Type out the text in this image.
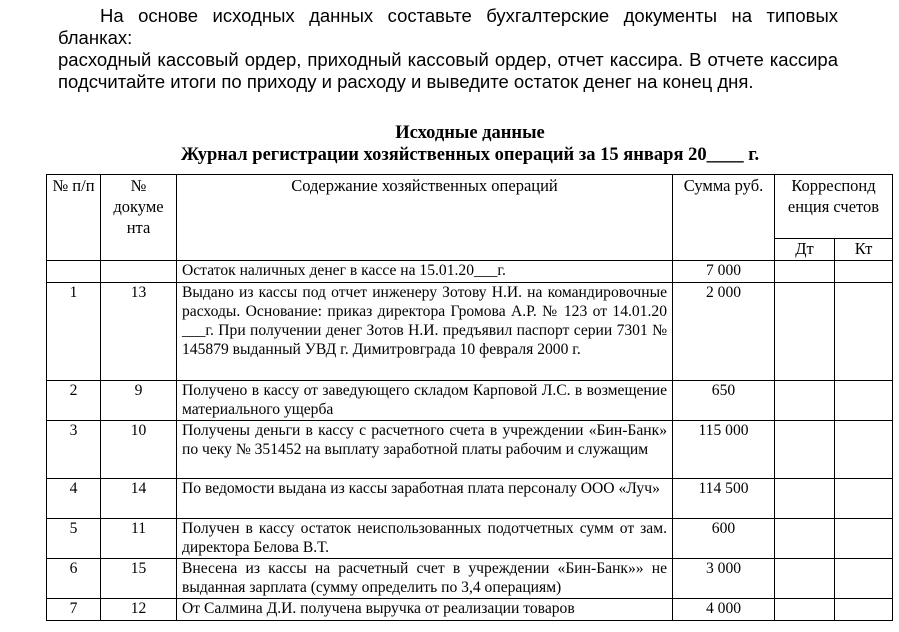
На основе исходных данных составьте бухгалтерские документы на типовых бланках:

расходный кассовый ордер, приходный кассовый ордер, отчет кассира. В отчете кассира подсчитайте итоги по приходу и расходу и выведите остаток денег на конец дня.

Исходные данные
Журнал регистрации хозяйственных операций за 15 января 20____ г.
№ п/п	№ докуме нта	Содержание хозяйственных операций	Сумма руб.	Корреспонд енция счетов	
				Дт	Кт
		Остаток наличных денег в кассе на 15.01.20___г.	7 000		
1	13	Выдано из кассы под отчет инженеру Зотову Н.И. на командировочные расходы. Основание: приказ директора Громова А.Р. № 123 от 14.01.20 ___г. При получении денег Зотов Н.И. предъявил паспорт серии 7301 № 145879 выданный УВД г. Димитровграда 10 февраля 2000 г.	2 000		
2	9	Получено в кассу от заведующего складом Карповой Л.С. в возмещение материального ущерба	650		
3	10	Получены деньги в кассу с расчетного счета в учреждении «Бин-Банк» по чеку № 351452 на выплату заработной платы рабочим и служащим	115 000		
4	14	По ведомости выдана из кассы заработная плата персоналу ООО «Луч»	114 500		
5	11	Получен в кассу остаток неиспользованных подотчетных сумм от зам. директора Белова В.Т.	600		
6	15	Внесена из кассы на расчетный счет в учреждении «Бин-Банк»» не выданная зарплата (сумму определить по 3,4 операциям)	3 000		
7	12	От Салмина Д.И. получена выручка от реализации товаров	4 000		
